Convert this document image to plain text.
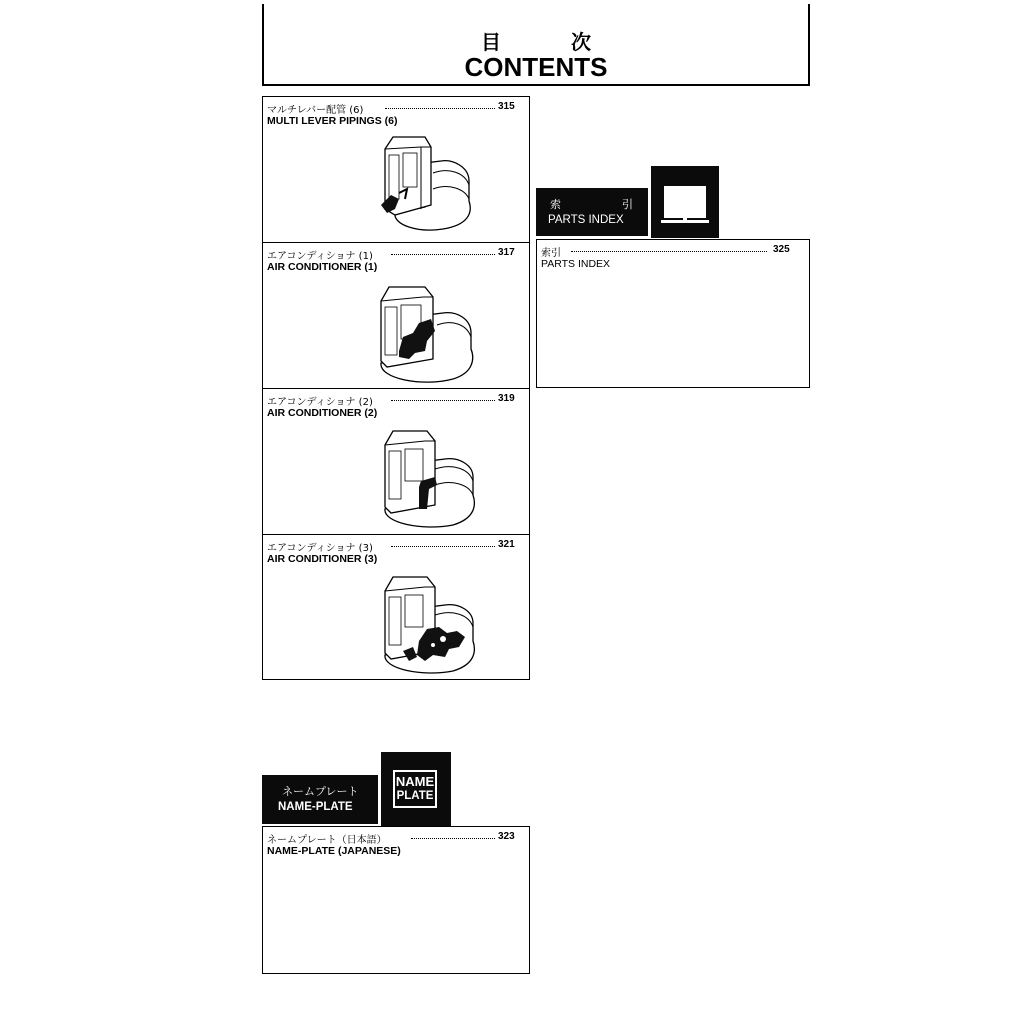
目次
CONTENTS
マルチレバー配管 (6)	315
MULTI LEVER PIPINGS (6)
エアコンディショナ (1)	317
AIR CONDITIONER (1)
エアコンディショナ (2)	319
AIR CONDITIONER (2)
エアコンディショナ (3)	321
AIR CONDITIONER (3)
索	引
PARTS INDEX
索引	325
PARTS INDEX
ネームプレート
NAME-PLATE
NAME
PLATE
ネームプレート（日本語）	323
NAME-PLATE (JAPANESE)
